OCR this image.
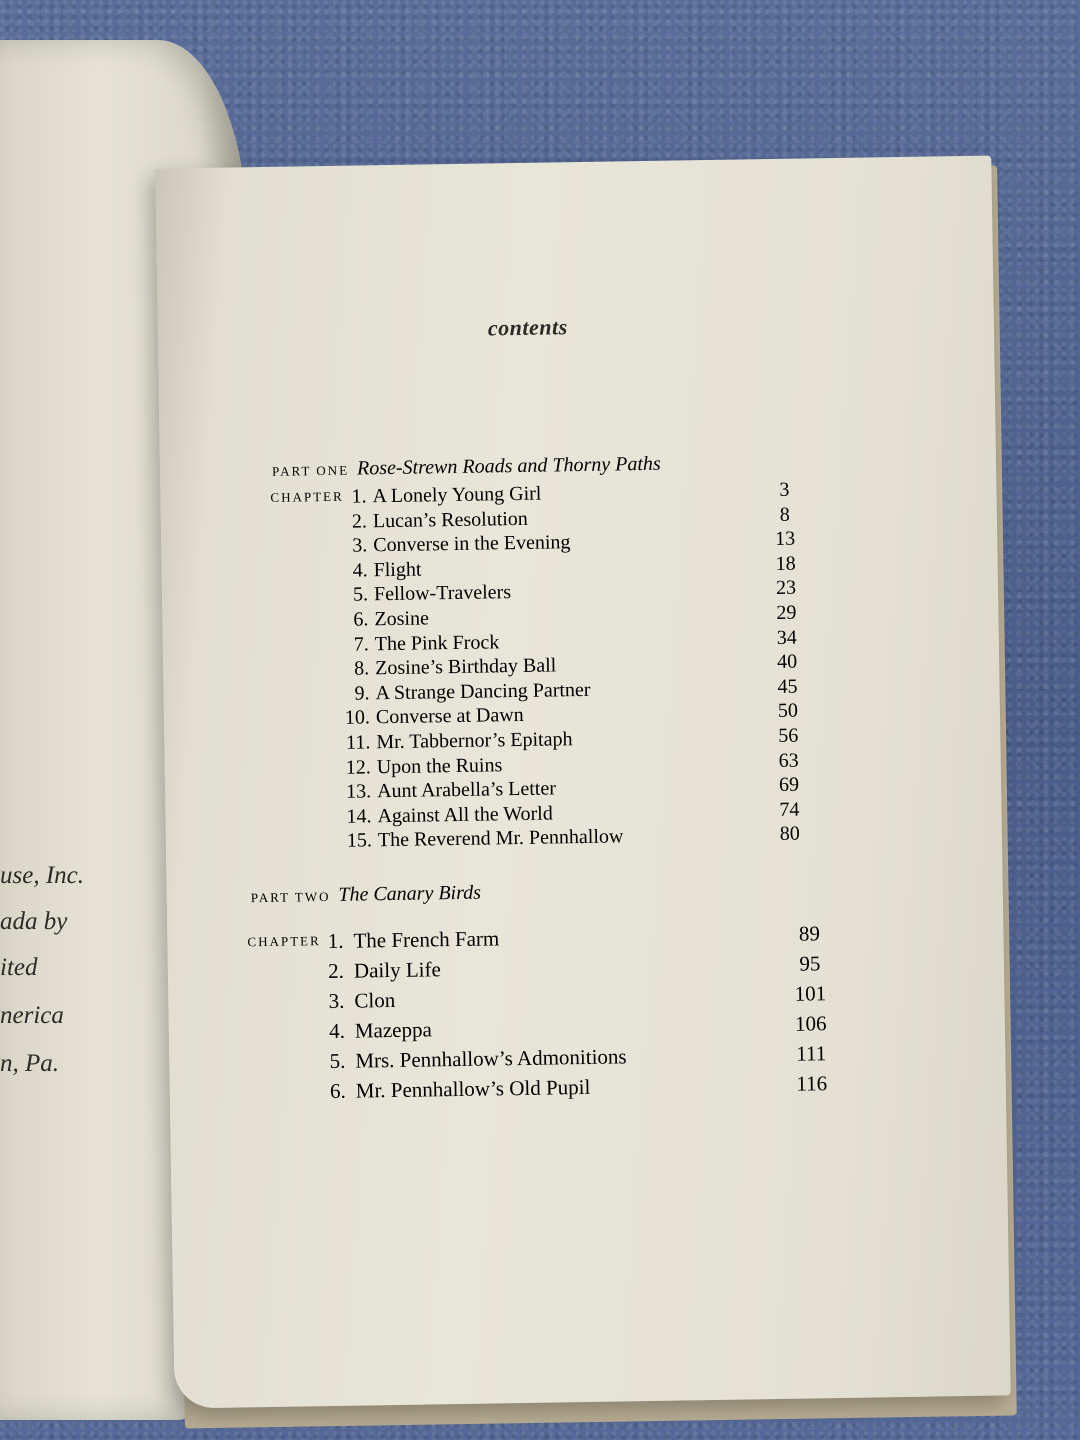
use, Inc.
ada by
ited
nerica
n, Pa.
contents
PART ONE Rose-Strewn Roads and Thorny Paths
CHAPTER 1. A Lonely Young Girl	3
2. Lucan’s Resolution	8
3. Converse in the Evening	13
4. Flight	18
5. Fellow-Travelers	23
6. Zosine	29
7. The Pink Frock	34
8. Zosine’s Birthday Ball	40
9. A Strange Dancing Partner	45
10. Converse at Dawn	50
11. Mr. Tabbernor’s Epitaph	56
12. Upon the Ruins	63
13. Aunt Arabella’s Letter	69
14. Against All the World	74
15. The Reverend Mr. Pennhallow	80
PART TWO The Canary Birds
CHAPTER 1. The French Farm	89
2. Daily Life	95
3. Clon	101
4. Mazeppa	106
5. Mrs. Pennhallow’s Admonitions	111
6. Mr. Pennhallow’s Old Pupil	116
